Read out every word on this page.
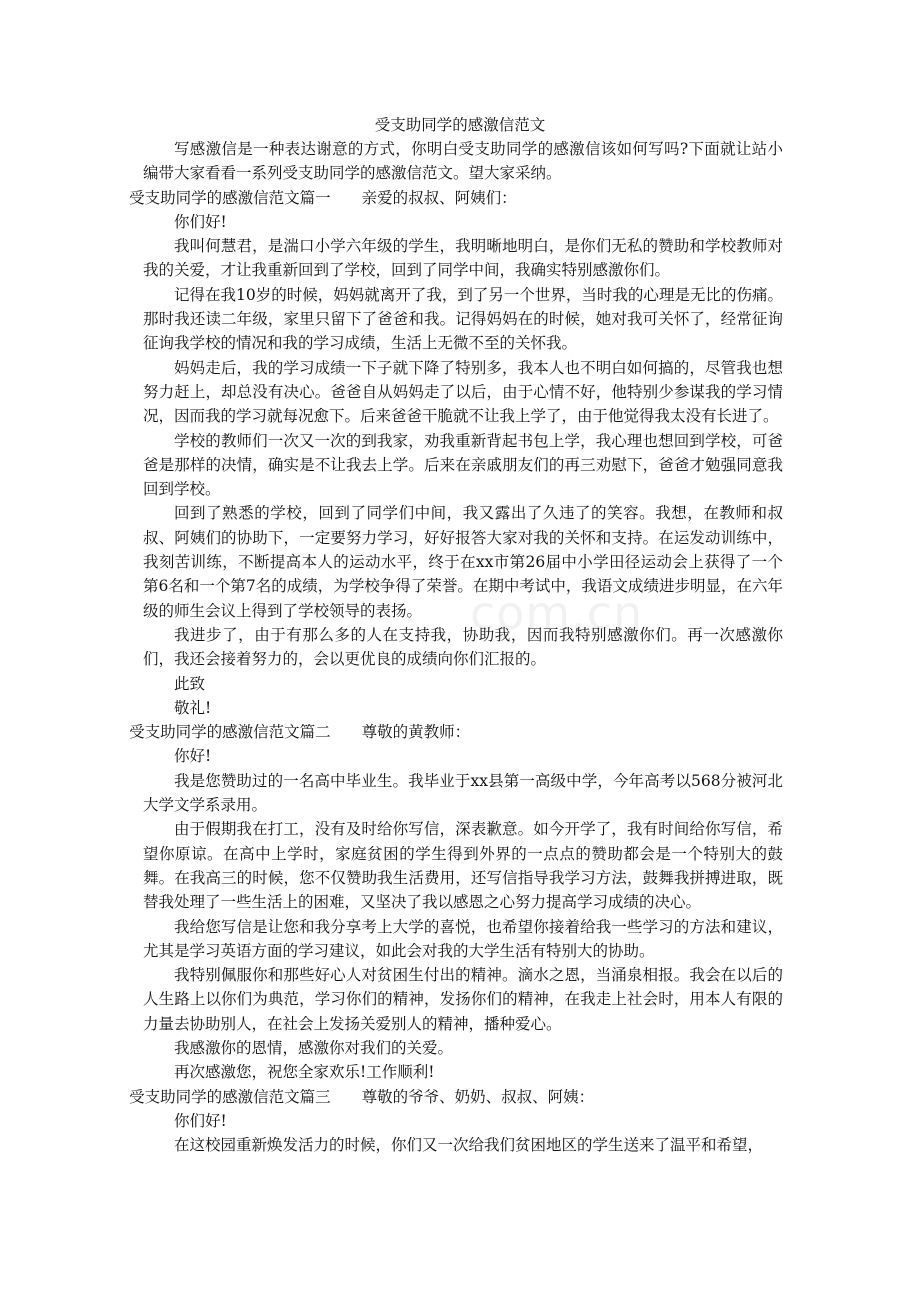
com.cn
受支助同学的感激信范文

写感激信是一种表达谢意的方式，你明白受支助同学的感激信该如何写吗?下面就让站小编带大家看看一系列受支助同学的感激信范文。望大家采纳。

受支助同学的感激信范文篇一　　亲爱的叔叔、阿姨们：

你们好!

我叫何慧君，是湍口小学六年级的学生，我明晰地明白，是你们无私的赞助和学校教师对我的关爱，才让我重新回到了学校，回到了同学中间，我确实特别感激你们。

记得在我10岁的时候，妈妈就离开了我，到了另一个世界，当时我的心理是无比的伤痛。那时我还读二年级，家里只留下了爸爸和我。记得妈妈在的时候，她对我可关怀了，经常征询征询我学校的情况和我的学习成绩，生活上无微不至的关怀我。

妈妈走后，我的学习成绩一下子就下降了特别多，我本人也不明白如何搞的，尽管我也想努力赶上，却总没有决心。爸爸自从妈妈走了以后，由于心情不好，他特别少参谋我的学习情况，因而我的学习就每况愈下。后来爸爸干脆就不让我上学了，由于他觉得我太没有长进了。

学校的教师们一次又一次的到我家，劝我重新背起书包上学，我心理也想回到学校，可爸爸是那样的决情，确实是不让我去上学。后来在亲戚朋友们的再三劝慰下，爸爸才勉强同意我回到学校。

回到了熟悉的学校，回到了同学们中间，我又露出了久违了的笑容。我想，在教师和叔叔、阿姨们的协助下，一定要努力学习，好好报答大家对我的关怀和支持。在运发动训练中，我刻苦训练，不断提高本人的运动水平，终于在xx市第26届中小学田径运动会上获得了一个第6名和一个第7名的成绩，为学校争得了荣誉。在期中考试中，我语文成绩进步明显，在六年级的师生会议上得到了学校领导的表扬。

我进步了，由于有那么多的人在支持我，协助我，因而我特别感激你们。再一次感激你们，我还会接着努力的，会以更优良的成绩向你们汇报的。

此致

敬礼!

受支助同学的感激信范文篇二　　尊敬的黄教师：

你好!

我是您赞助过的一名高中毕业生。我毕业于xx县第一高级中学，今年高考以568分被河北大学文学系录用。

由于假期我在打工，没有及时给你写信，深表歉意。如今开学了，我有时间给你写信，希望你原谅。在高中上学时，家庭贫困的学生得到外界的一点点的赞助都会是一个特别大的鼓舞。在我高三的时候，您不仅赞助我生活费用，还写信指导我学习方法，鼓舞我拼搏进取，既替我处理了一些生活上的困难，又坚决了我以感恩之心努力提高学习成绩的决心。

我给您写信是让您和我分享考上大学的喜悦，也希望你接着给我一些学习的方法和建议，尤其是学习英语方面的学习建议，如此会对我的大学生活有特别大的协助。

我特别佩服你和那些好心人对贫困生付出的精神。滴水之恩，当涌泉相报。我会在以后的人生路上以你们为典范，学习你们的精神，发扬你们的精神，在我走上社会时，用本人有限的力量去协助别人，在社会上发扬关爱别人的精神，播种爱心。

我感激你的恩情，感激你对我们的关爱。

再次感激您，祝您全家欢乐!工作顺利!

受支助同学的感激信范文篇三　　尊敬的爷爷、奶奶、叔叔、阿姨：

你们好!

在这校园重新焕发活力的时候，你们又一次给我们贫困地区的学生送来了温平和希望，
